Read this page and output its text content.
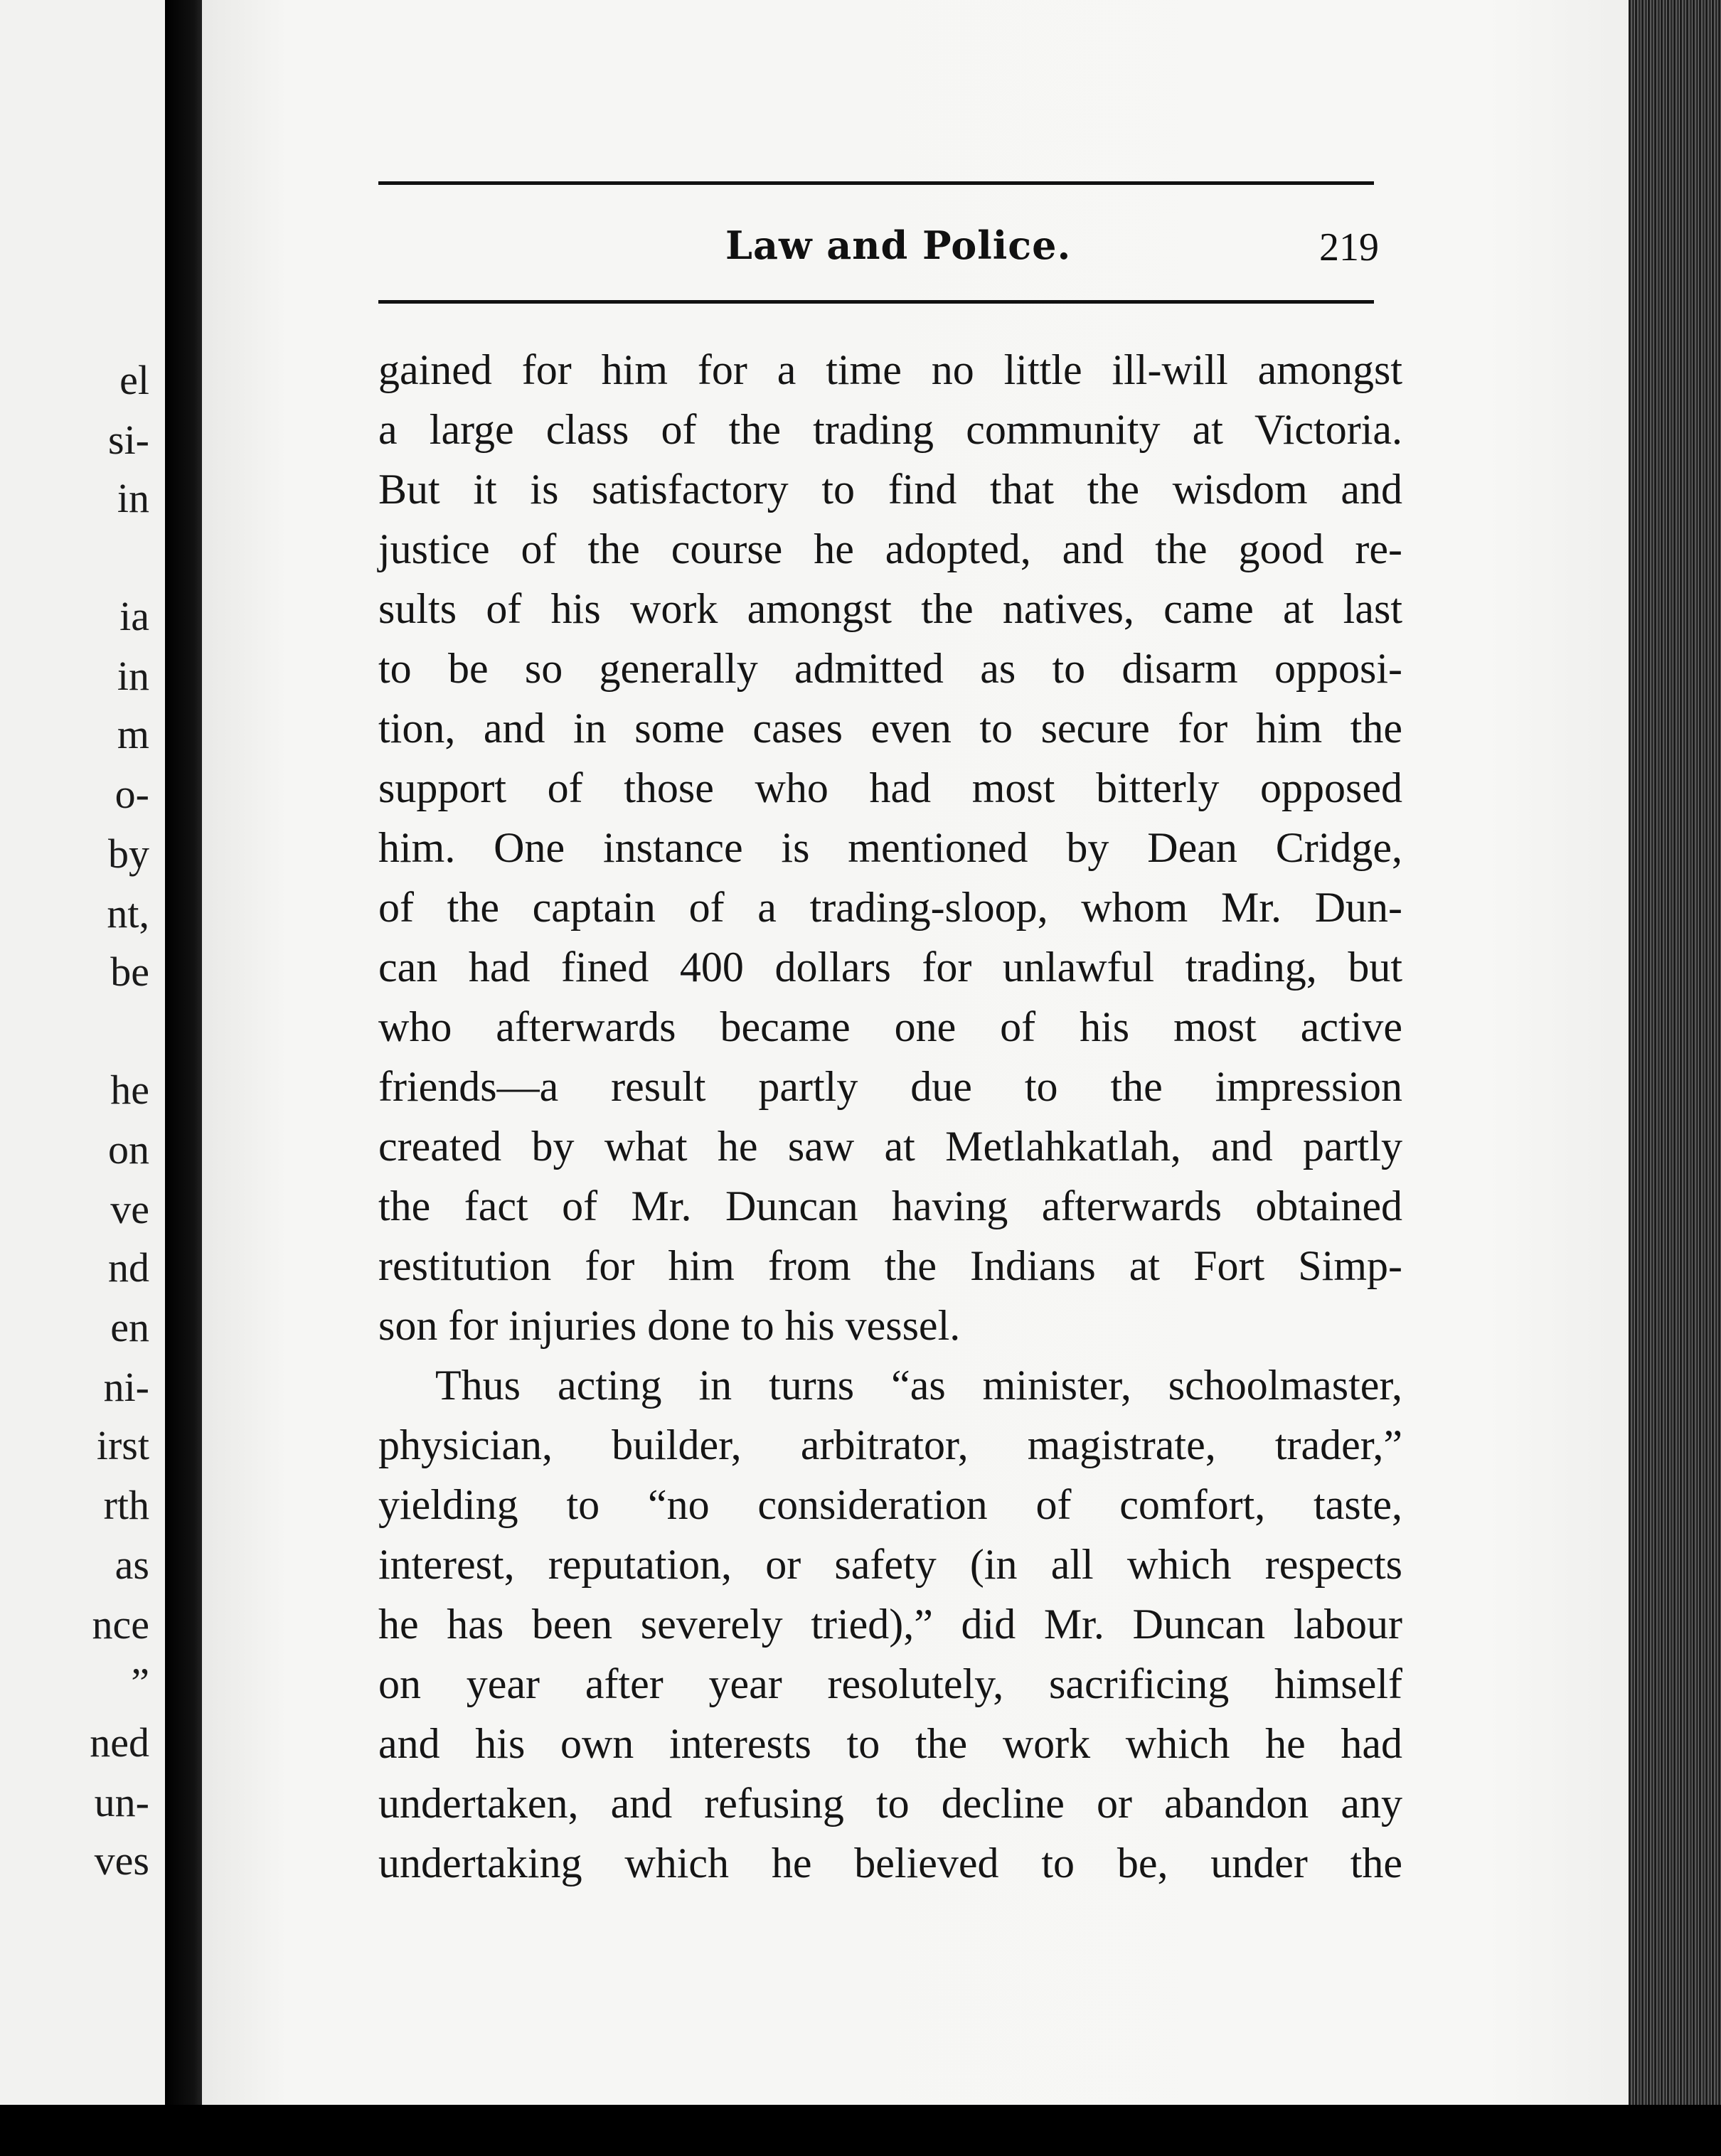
el
si-
in
ia
in
m
o-
by
nt,
be
he
on
ve
nd
en
ni-
irst
rth
as
nce
”
ned
un-
ves
Law and Police.	219
gained for him for a time no little ill-will amongst
a large class of the trading community at Victoria.
But it is satisfactory to find that the wisdom and
justice of the course he adopted, and the good re-
sults of his work amongst the natives, came at last
to be so generally admitted as to disarm opposi-
tion, and in some cases even to secure for him the
support of those who had most bitterly opposed
him. One instance is mentioned by Dean Cridge,
of the captain of a trading-sloop, whom Mr. Dun-
can had fined 400 dollars for unlawful trading, but
who afterwards became one of his most active
friends—a result partly due to the impression
created by what he saw at Metlahkatlah, and partly
the fact of Mr. Duncan having afterwards obtained
restitution for him from the Indians at Fort Simp-
son for injuries done to his vessel.
Thus acting in turns “as minister, schoolmaster,
physician, builder, arbitrator, magistrate, trader,”
yielding to “no consideration of comfort, taste,
interest, reputation, or safety (in all which respects
he has been severely tried),” did Mr. Duncan labour
on year after year resolutely, sacrificing himself
and his own interests to the work which he had
undertaken, and refusing to decline or abandon any
undertaking which he believed to be, under the
